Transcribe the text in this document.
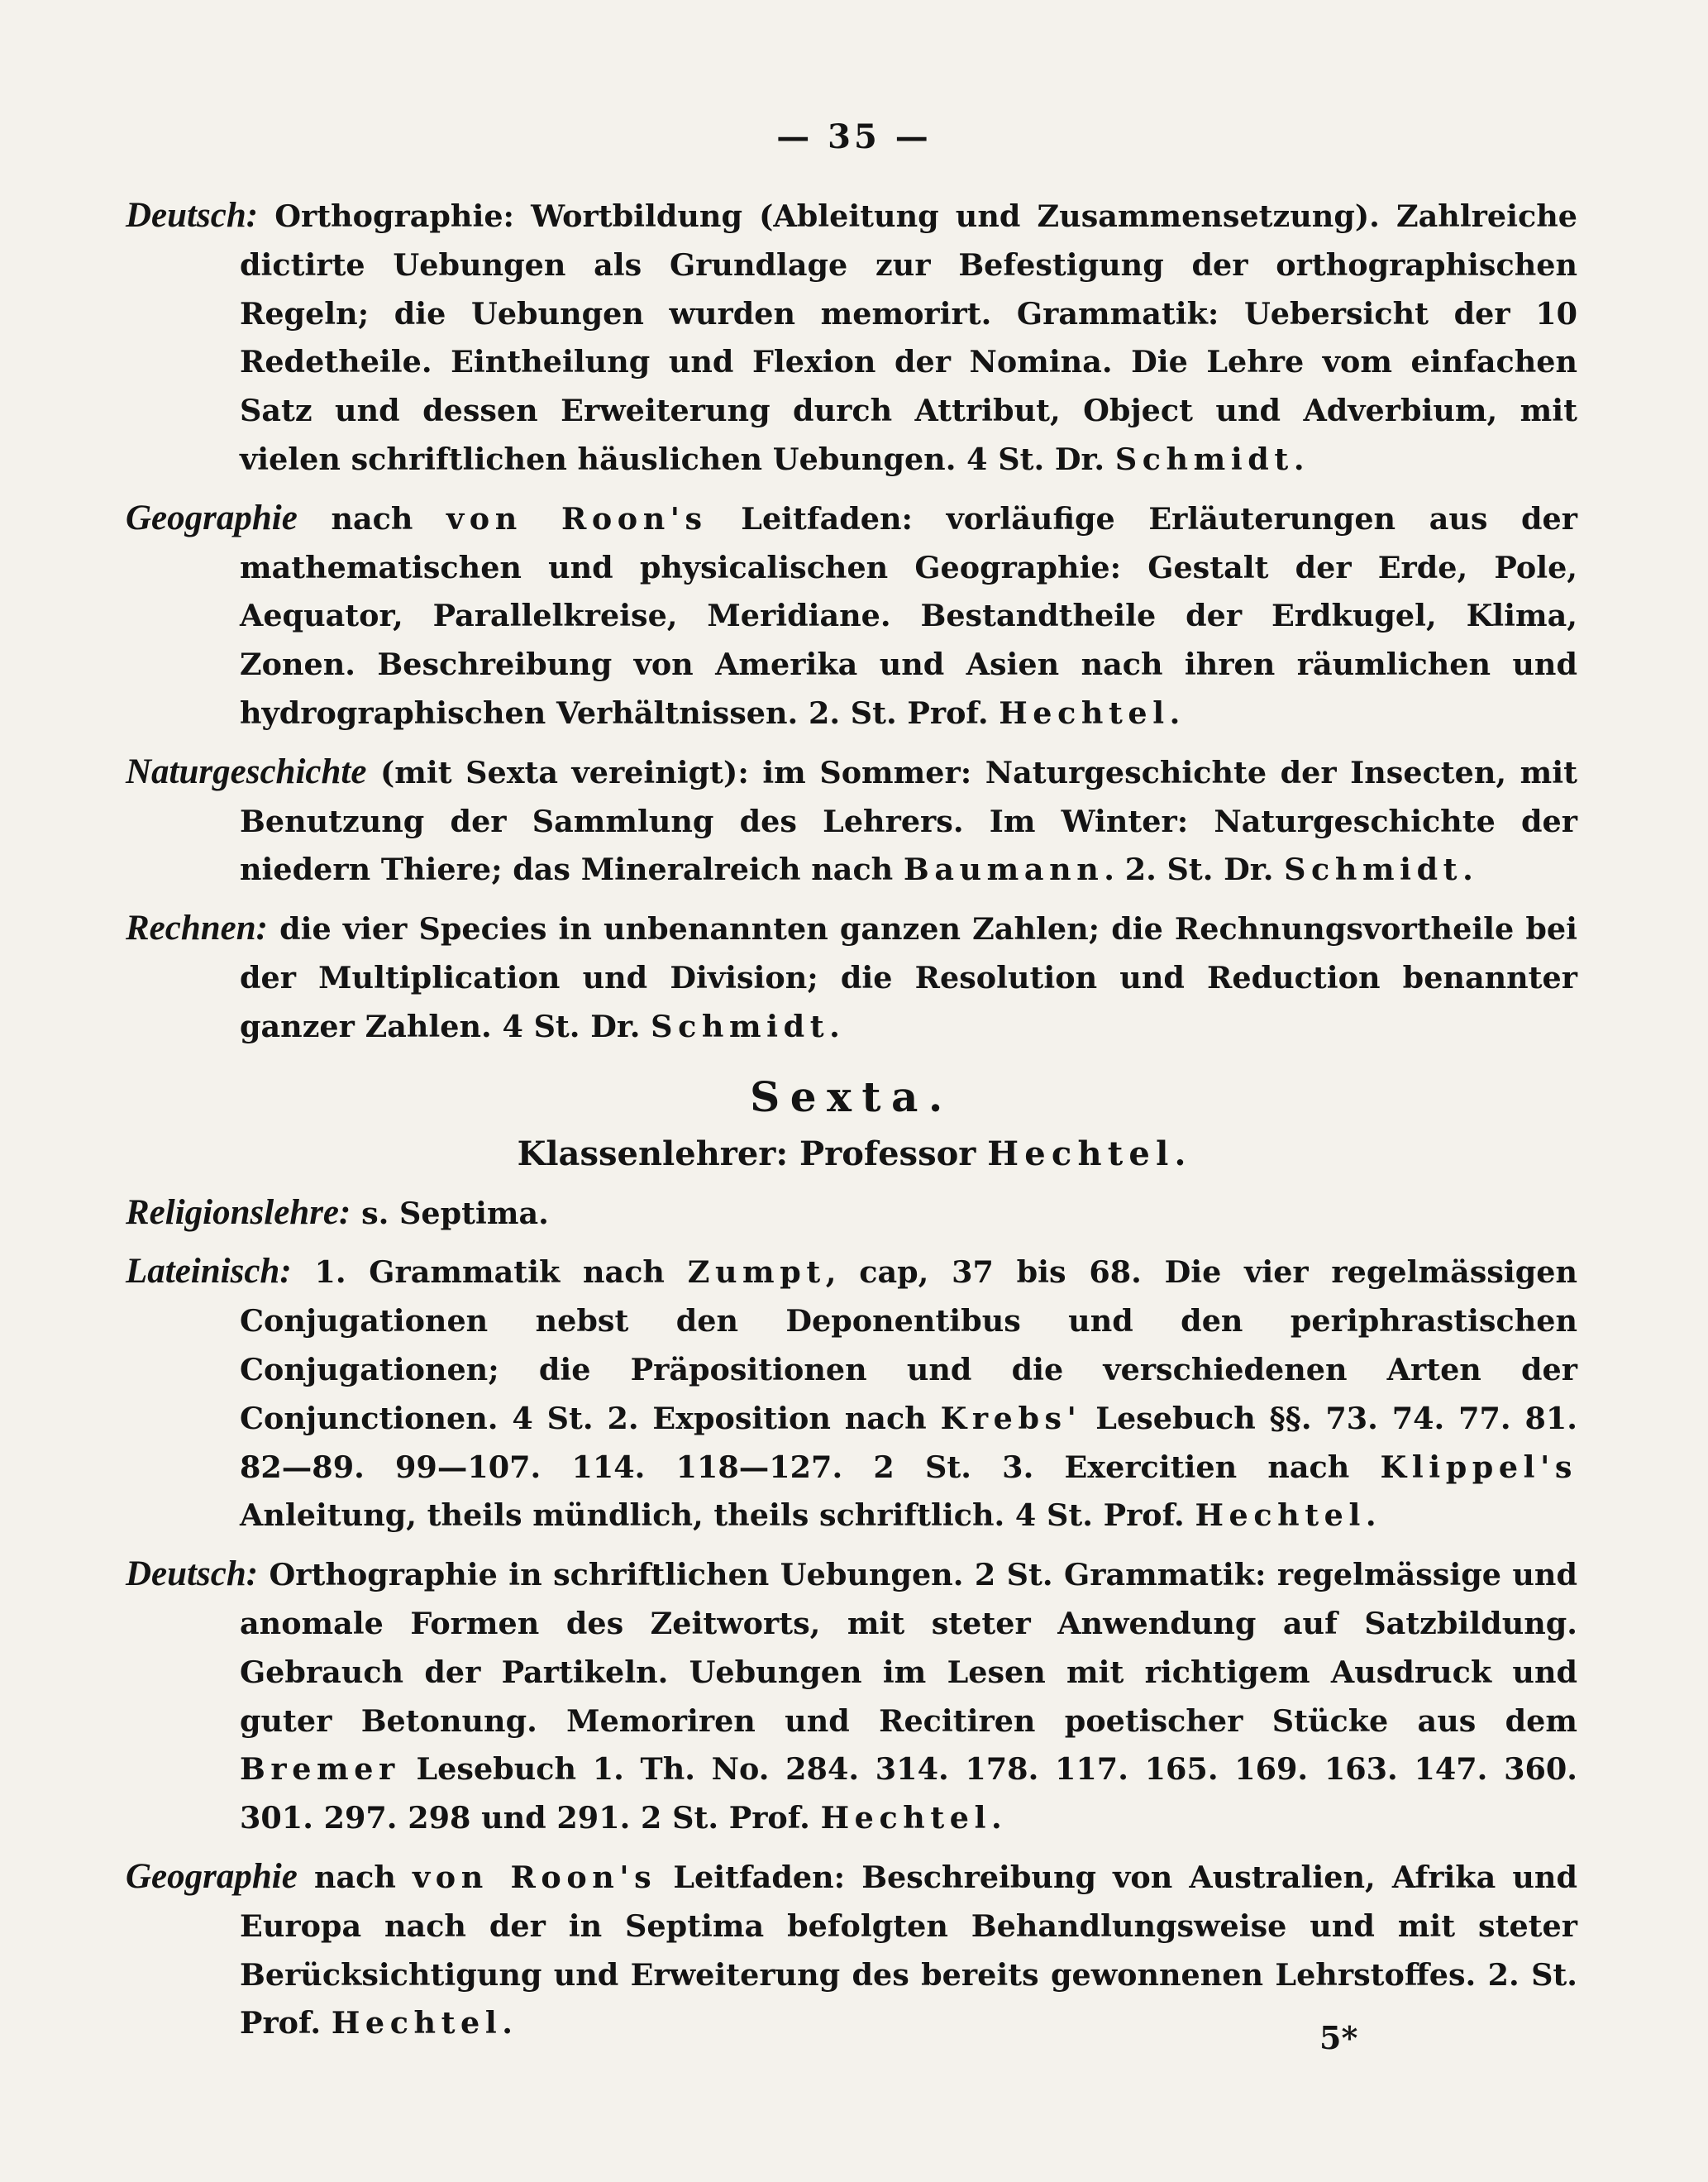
— 35 —

Deutsch: Orthographie: Wortbildung (Ableitung und Zusammensetzung). Zahlreiche dictirte Uebungen als Grundlage zur Befestigung der orthographischen Regeln; die Uebungen wurden memorirt. Grammatik: Uebersicht der 10 Redetheile. Eintheilung und Flexion der Nomina. Die Lehre vom einfachen Satz und dessen Erweiterung durch Attribut, Object und Adverbium, mit vielen schriftlichen häuslichen Uebungen. 4 St. Dr. Schmidt.

Geographie nach von Roon's Leitfaden: vorläufige Erläuterungen aus der mathematischen und physicalischen Geographie: Gestalt der Erde, Pole, Aequator, Parallelkreise, Meridiane. Bestandtheile der Erdkugel, Klima, Zonen. Beschreibung von Amerika und Asien nach ihren räumlichen und hydrographischen Verhältnissen. 2. St. Prof. Hechtel.

Naturgeschichte (mit Sexta vereinigt): im Sommer: Naturgeschichte der Insecten, mit Benutzung der Sammlung des Lehrers. Im Winter: Naturgeschichte der niedern Thiere; das Mineralreich nach Baumann. 2. St. Dr. Schmidt.

Rechnen: die vier Species in unbenannten ganzen Zahlen; die Rechnungsvortheile bei der Multiplication und Division; die Resolution und Reduction benannter ganzer Zahlen. 4 St. Dr. Schmidt.

Sexta.
Klassenlehrer: Professor Hechtel.

Religionslehre: s. Septima.

Lateinisch: 1. Grammatik nach Zumpt, cap, 37 bis 68. Die vier regelmässigen Conjugationen nebst den Deponentibus und den periphrastischen Conjugationen; die Präpositionen und die verschiedenen Arten der Conjunctionen. 4 St. 2. Exposition nach Krebs' Lesebuch §§. 73. 74. 77. 81. 82—89. 99—107. 114. 118—127. 2 St. 3. Exercitien nach Klippel's Anleitung, theils mündlich, theils schriftlich. 4 St. Prof. Hechtel.

Deutsch: Orthographie in schriftlichen Uebungen. 2 St. Grammatik: regelmässige und anomale Formen des Zeitworts, mit steter Anwendung auf Satzbildung. Gebrauch der Partikeln. Uebungen im Lesen mit richtigem Ausdruck und guter Betonung. Memoriren und Recitiren poetischer Stücke aus dem Bremer Lesebuch 1. Th. No. 284. 314. 178. 117. 165. 169. 163. 147. 360. 301. 297. 298 und 291. 2 St. Prof. Hechtel.

Geographie nach von Roon's Leitfaden: Beschreibung von Australien, Afrika und Europa nach der in Septima befolgten Behandlungsweise und mit steter Berücksichtigung und Erweiterung des bereits gewonnenen Lehrstoffes. 2. St. Prof. Hechtel.	5*
